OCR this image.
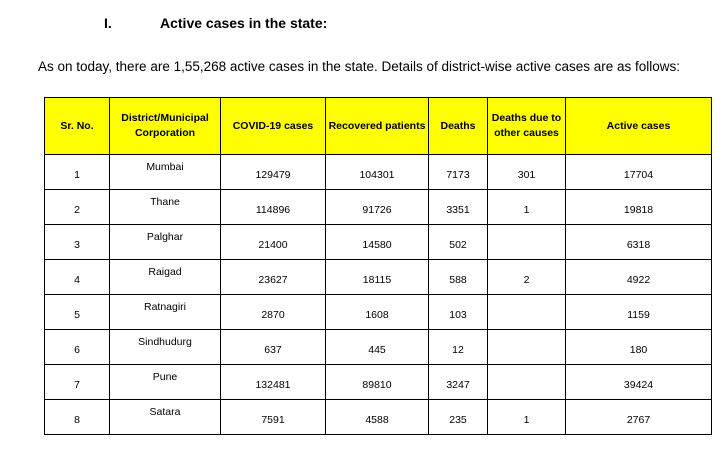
I.	Active cases in the state:
As on today, there are 1,55,268 active cases in the state. Details of district-wise active cases are as follows:
Sr. No.	District/Municipal Corporation	COVID-19 cases	Recovered patients	Deaths	Deaths due to other causes	Active cases
1	Mumbai	129479	104301	7173	301	17704
2	Thane	114896	91726	3351	1	19818
3	Palghar	21400	14580	502		6318
4	Raigad	23627	18115	588	2	4922
5	Ratnagiri	2870	1608	103		1159
6	Sindhudurg	637	445	12		180
7	Pune	132481	89810	3247		39424
8	Satara	7591	4588	235	1	2767
